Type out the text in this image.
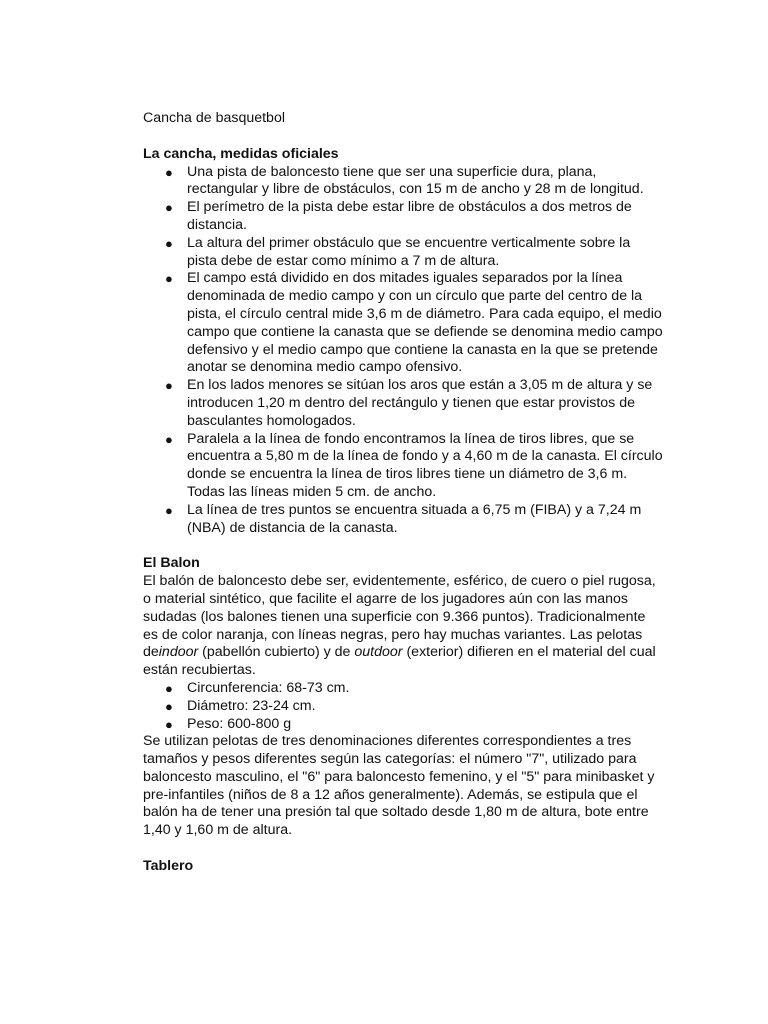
Cancha de basquetbol

La cancha, medidas oficiales

● Una pista de baloncesto tiene que ser una superficie dura, plana, rectangular y libre de obstáculos, con 15 m de ancho y 28 m de longitud.
● El perímetro de la pista debe estar libre de obstáculos a dos metros de distancia.
● La altura del primer obstáculo que se encuentre verticalmente sobre la pista debe de estar como mínimo a 7 m de altura.
● El campo está dividido en dos mitades iguales separados por la línea denominada de medio campo y con un círculo que parte del centro de la pista, el círculo central mide 3,6 m de diámetro. Para cada equipo, el medio campo que contiene la canasta que se defiende se denomina medio campo defensivo y el medio campo que contiene la canasta en la que se pretende anotar se denomina medio campo ofensivo.
● En los lados menores se sitúan los aros que están a 3,05 m de altura y se introducen 1,20 m dentro del rectángulo y tienen que estar provistos de basculantes homologados.
● Paralela a la línea de fondo encontramos la línea de tiros libres, que se encuentra a 5,80 m de la línea de fondo y a 4,60 m de la canasta. El círculo donde se encuentra la línea de tiros libres tiene un diámetro de 3,6 m. Todas las líneas miden 5 cm. de ancho.
● La línea de tres puntos se encuentra situada a 6,75 m (FIBA) y a 7,24 m (NBA) de distancia de la canasta.

El Balon

El balón de baloncesto debe ser, evidentemente, esférico, de cuero o piel rugosa, o material sintético, que facilite el agarre de los jugadores aún con las manos sudadas (los balones tienen una superficie con 9.366 puntos). Tradicionalmente es de color naranja, con líneas negras, pero hay muchas variantes. Las pelotas deindoor (pabellón cubierto) y de outdoor (exterior) difieren en el material del cual están recubiertas.

● Circunferencia: 68-73 cm.
● Diámetro: 23-24 cm.
● Peso: 600-800 g

Se utilizan pelotas de tres denominaciones diferentes correspondientes a tres tamaños y pesos diferentes según las categorías: el número "7", utilizado para baloncesto masculino, el "6" para baloncesto femenino, y el "5" para minibasket y pre-infantiles (niños de 8 a 12 años generalmente). Además, se estipula que el balón ha de tener una presión tal que soltado desde 1,80 m de altura, bote entre 1,40 y 1,60 m de altura.

Tablero
